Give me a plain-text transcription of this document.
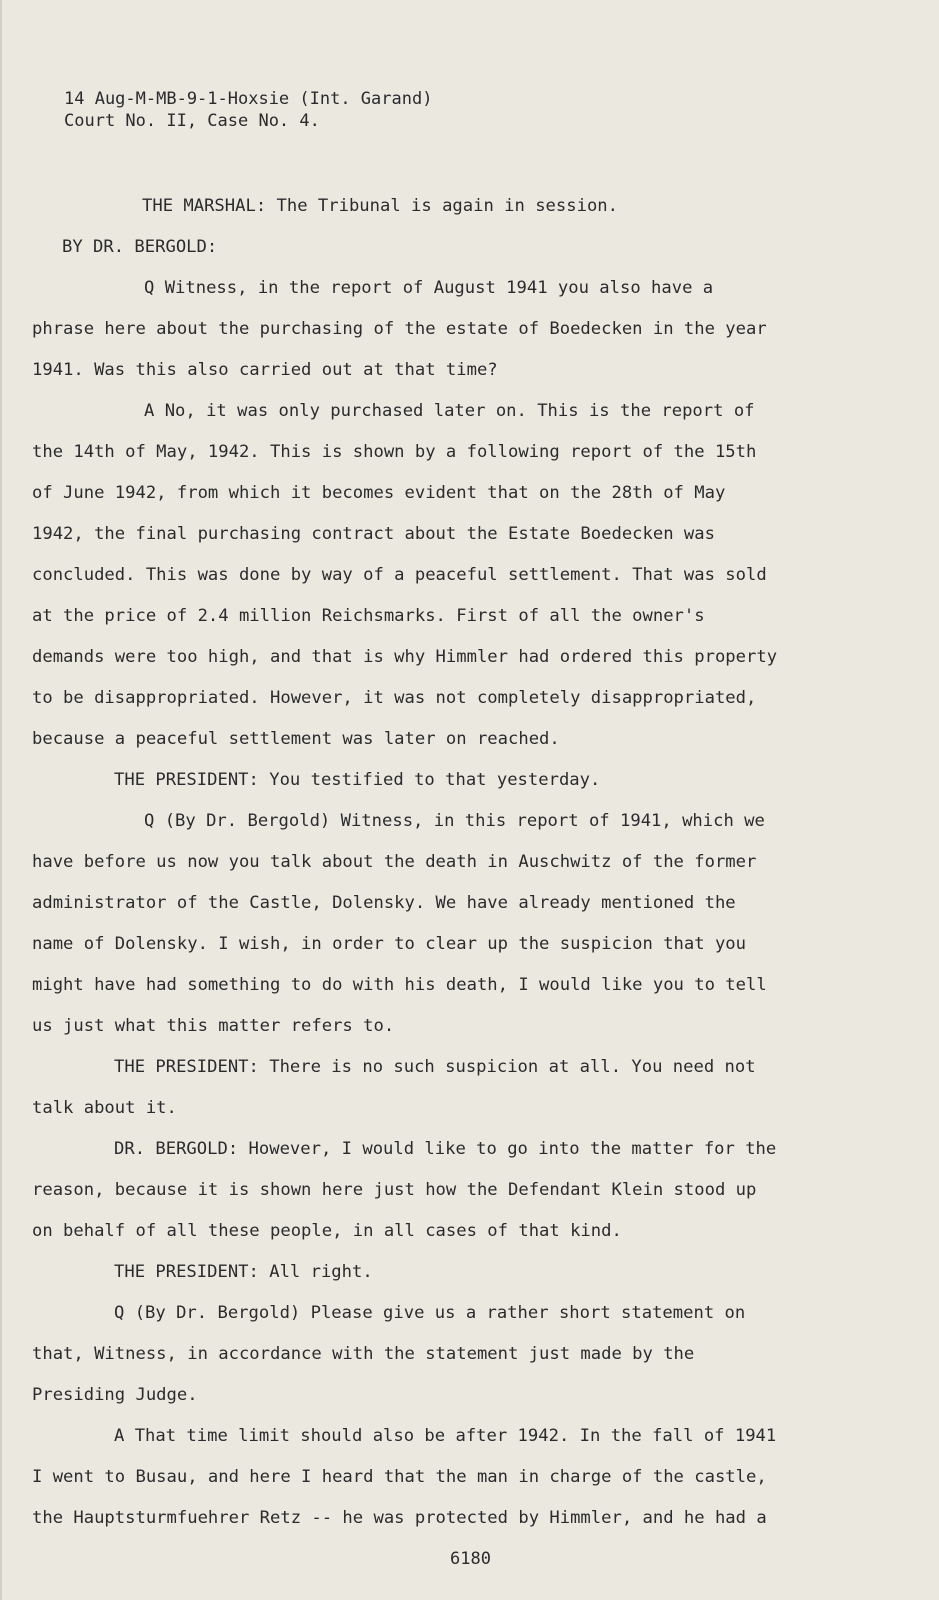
14 Aug-M-MB-9-1-Hoxsie (Int. Garand)
Court No. II, Case No. 4.

THE MARSHAL: The Tribunal is again in session.

BY DR. BERGOLD:

Q Witness, in the report of August 1941 you also have a phrase here about the purchasing of the estate of Boedecken in the year 1941. Was this also carried out at that time?

A No, it was only purchased later on. This is the report of the 14th of May, 1942. This is shown by a following report of the 15th of June 1942, from which it becomes evident that on the 28th of May 1942, the final purchasing contract about the Estate Boedecken was concluded. This was done by way of a peaceful settlement. That was sold at the price of 2.4 million Reichsmarks. First of all the owner's demands were too high, and that is why Himmler had ordered this property to be disappropriated. However, it was not completely disappropriated, because a peaceful settlement was later on reached.

THE PRESIDENT: You testified to that yesterday.

Q (By Dr. Bergold) Witness, in this report of 1941, which we have before us now you talk about the death in Auschwitz of the former administrator of the Castle, Dolensky. We have already mentioned the name of Dolensky. I wish, in order to clear up the suspicion that you might have had something to do with his death, I would like you to tell us just what this matter refers to.

THE PRESIDENT: There is no such suspicion at all. You need not talk about it.

DR. BERGOLD: However, I would like to go into the matter for the reason, because it is shown here just how the Defendant Klein stood up on behalf of all these people, in all cases of that kind.

THE PRESIDENT: All right.

Q (By Dr. Bergold) Please give us a rather short statement on that, Witness, in accordance with the statement just made by the Presiding Judge.

A That time limit should also be after 1942. In the fall of 1941 I went to Busau, and here I heard that the man in charge of the castle, the Hauptsturmfuehrer Retz -- he was protected by Himmler, and he had a

6180
